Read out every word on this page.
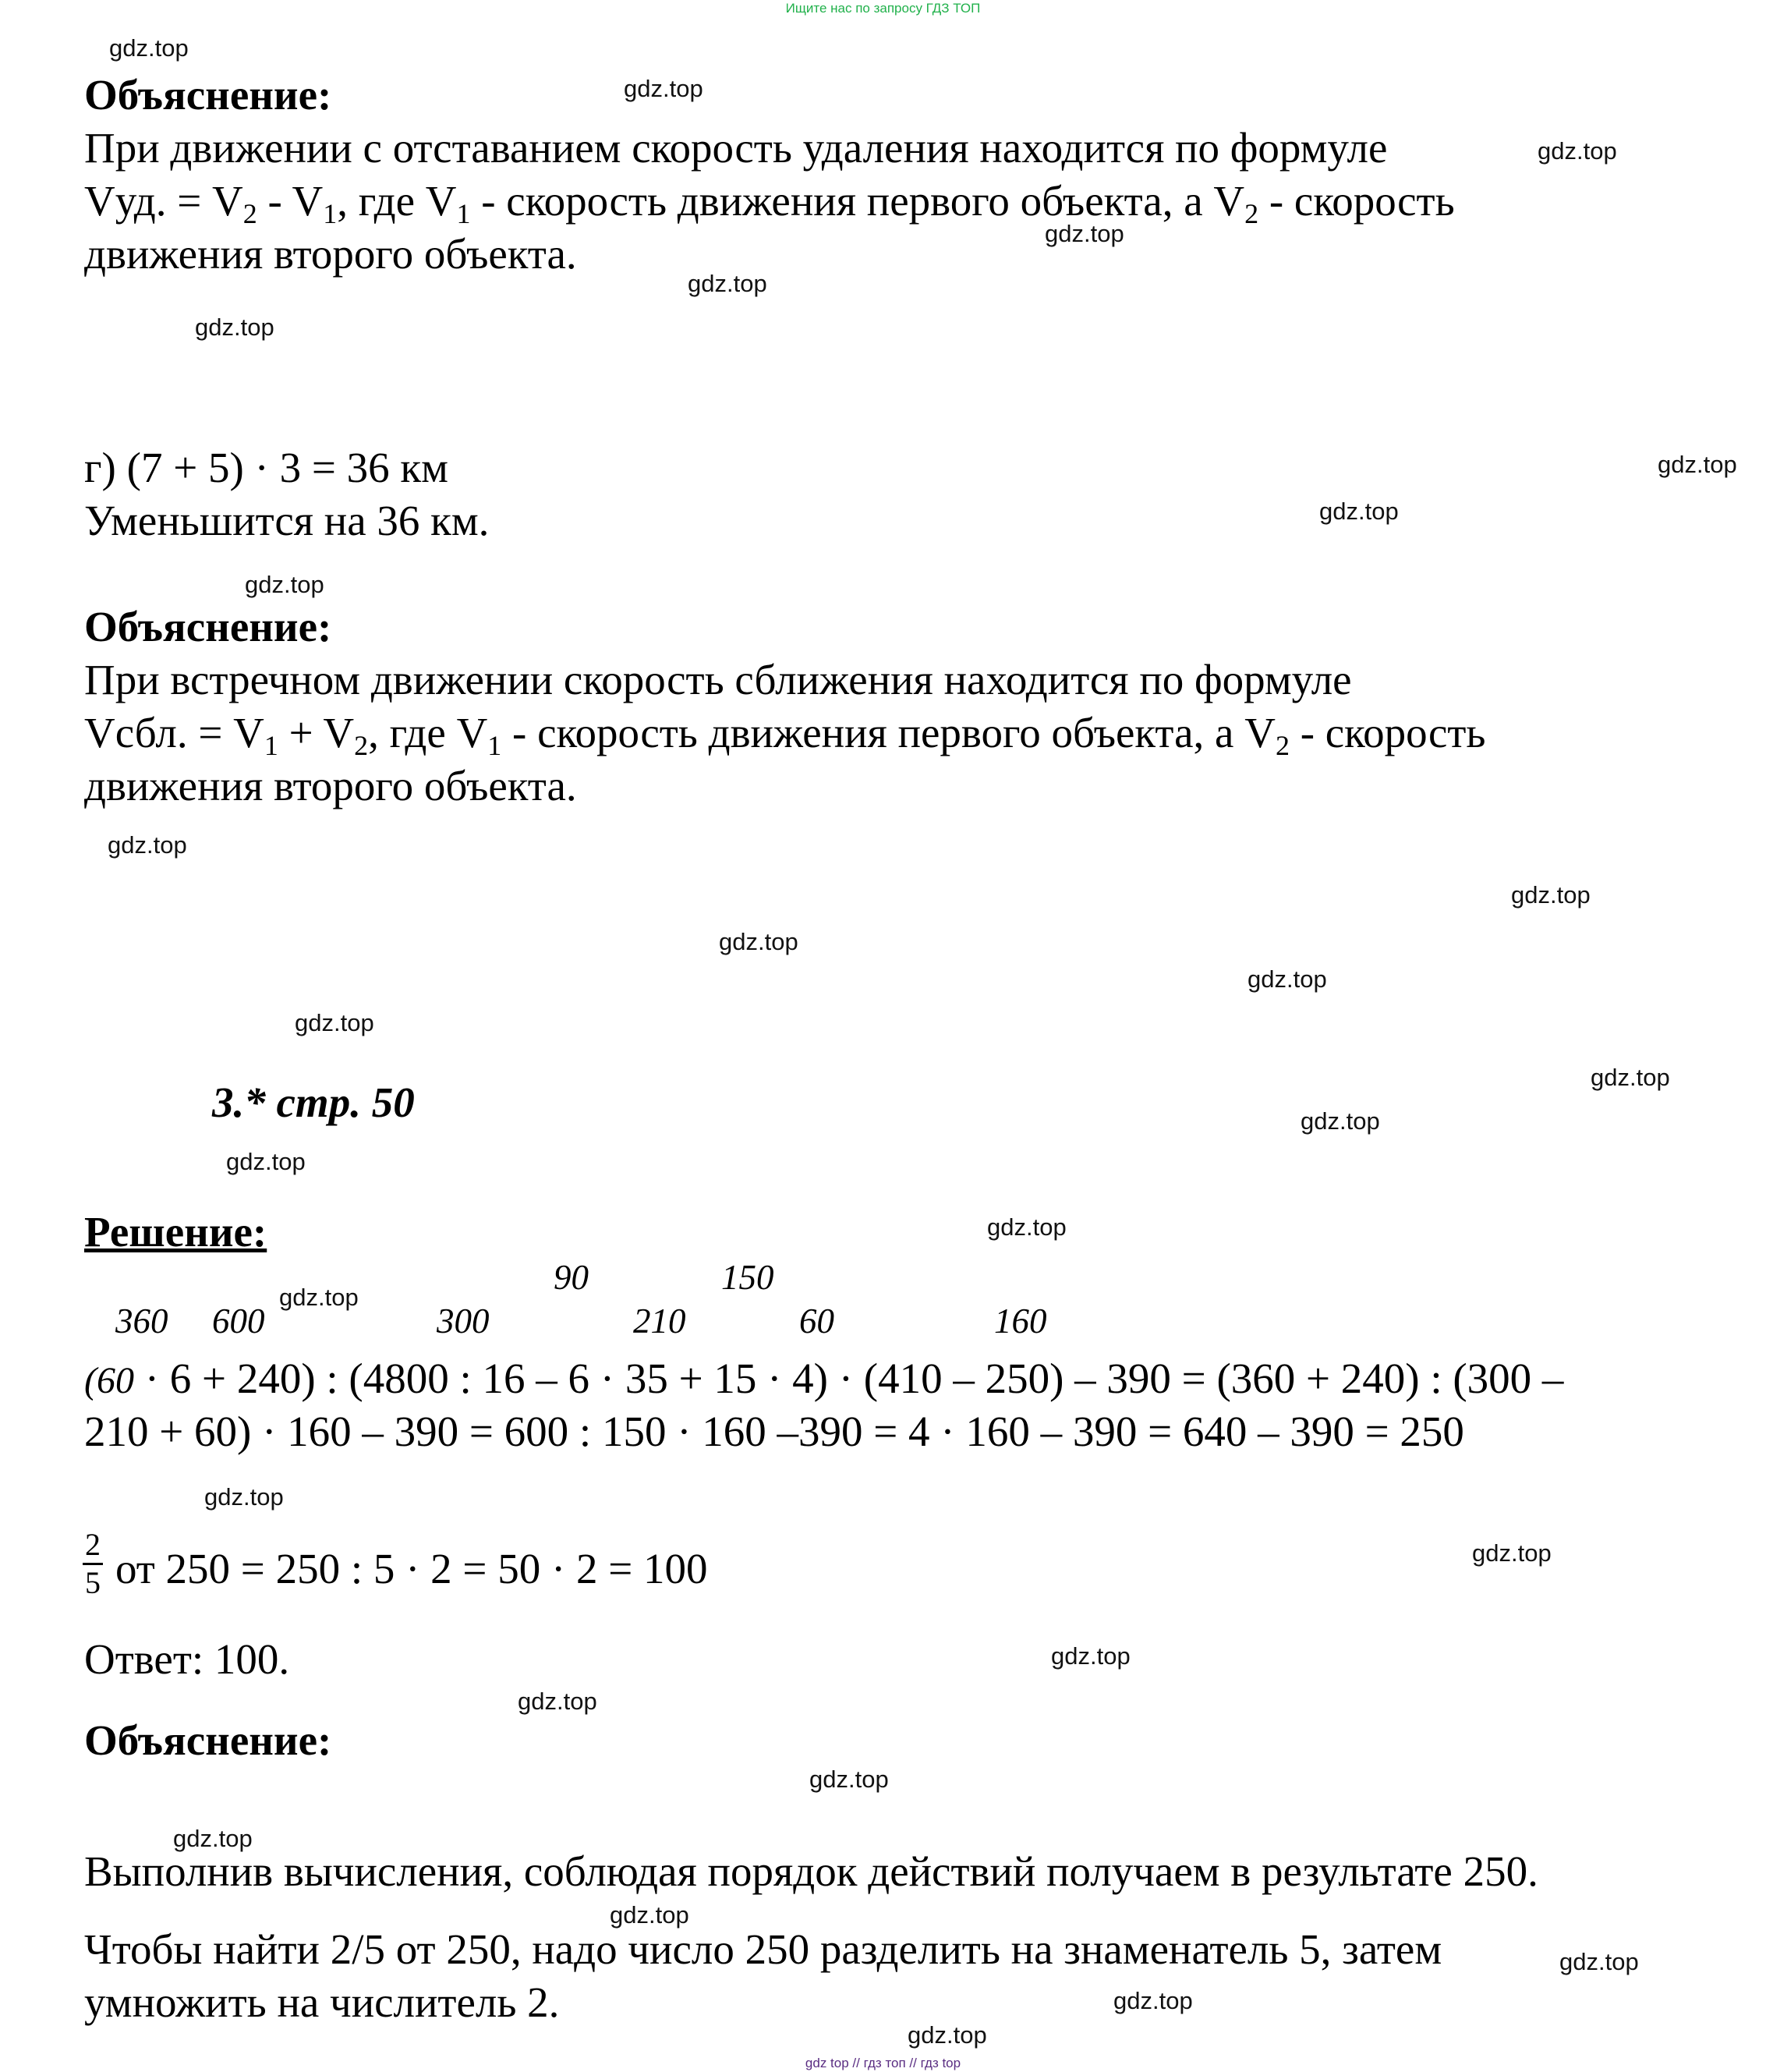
Ищите нас по запросу ГДЗ ТОП
Объяснение:
При движении с отставанием скорость удаления находится по формуле
Vуд. = $V_2 - V_1$, где $V_1$ - скорость движения первого объекта, а $V_2$ - скорость
движения второго объекта.
г) (7 + 5) · 3 = 36 км
Уменьшится на 36 км.
Объяснение:
При встречном движении скорость сближения находится по формуле
Vсбл. = $V_1 + V_2$, где $V_1$ - скорость движения первого объекта, а $V_2$ - скорость
движения второго объекта.
3.* стр. 50
Решение:
90	150
360 600	300	210	60	160
(60 · 6 + 240) : (4800 : 16 – 6 · 35 + 15 · 4) · (410 – 250) – 390 = (360 + 240) : (300 –
210 + 60) · 160 – 390 = 600 : 150 · 160 –390 = 4 · 160 – 390 = 640 – 390 = 250
2
5 от 250 = 250 : 5 · 2 = 50 · 2 = 100
Ответ: 100.
Объяснение:
Выполнив вычисления, соблюдая порядок действий получаем в результате 250.
Чтобы найти 2/5 от 250, надо число 250 разделить на знаменатель 5, затем
умножить на числитель 2.
gdz.top
gdz.top
gdz.top
gdz.top
gdz.top
gdz.top
gdz.top
gdz.top
gdz.top
gdz.top
gdz.top
gdz.top
gdz.top
gdz.top
gdz.top
gdz.top
gdz.top
gdz.top
gdz.top
gdz.top
gdz.top
gdz.top
gdz.top
gdz.top
gdz.top
gdz.top
gdz.top
gdz.top
gdz.top
gdz top // гдз топ // гдз top
